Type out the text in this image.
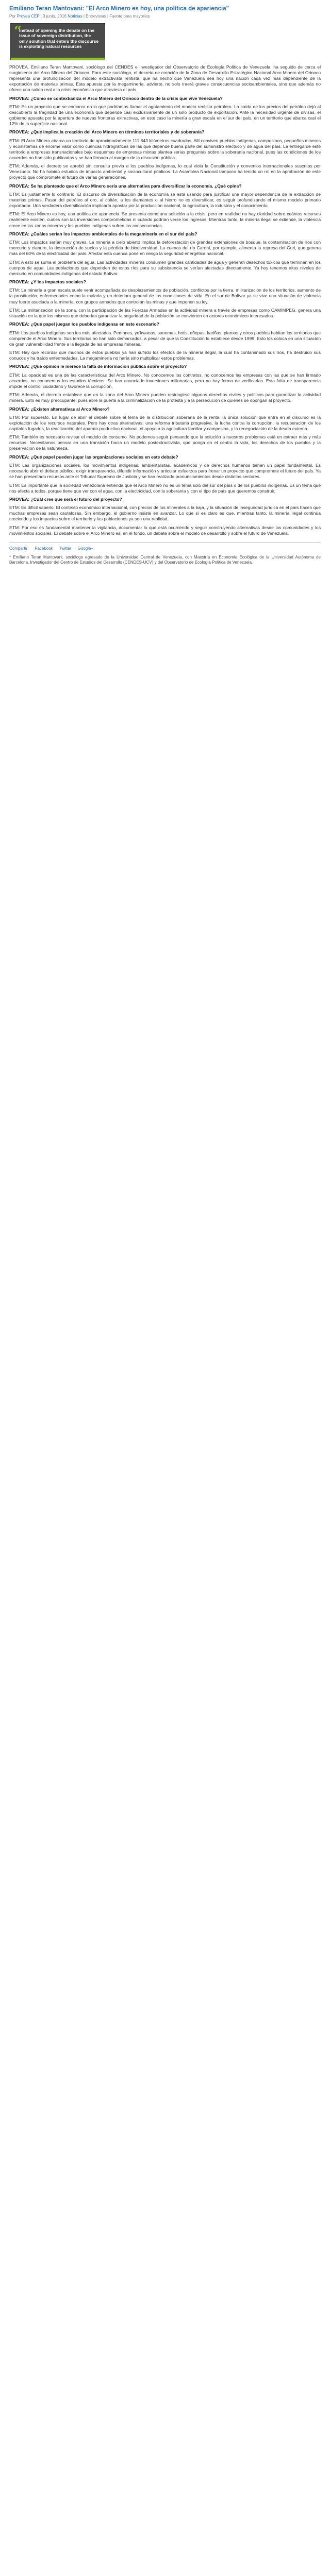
Emiliano Teran Mantovani: "El Arco Minero es hoy, una política de apariencia"
Por Provea CEP | 3 junio, 2016 Noticias | Entrevistas | Fuente para mayorías
“
Instead of opening the debate on the issue of sovereign distribution, the only solution that enters the discourse is exploiting natural resources

PROVEA. Emiliano Teran Mantovani, sociólogo del CENDES e investigador del Observatorio de Ecología Política de Venezuela, ha seguido de cerca el surgimiento del Arco Minero del Orinoco. Para este sociólogo, el decreto de creación de la Zona de Desarrollo Estratégico Nacional Arco Minero del Orinoco representa una profundización del modelo extractivista rentista, que ha hecho que Venezuela sea hoy una nación cada vez más dependiente de la exportación de materias primas. Esta apuesta por la megaminería, advierte, no solo traerá graves consecuencias socioambientales, sino que además no ofrece una salida real a la crisis económica que atraviesa el país.

PROVEA: ¿Cómo se contextualiza el Arco Minero del Orinoco dentro de la crisis que vive Venezuela?

ETM: Es un proyecto que se enmarca en lo que podríamos llamar el agotamiento del modelo rentista petrolero. La caída de los precios del petróleo dejó al descubierto la fragilidad de una economía que depende casi exclusivamente de un solo producto de exportación. Ante la necesidad urgente de divisas, el gobierno apuesta por la apertura de nuevas fronteras extractivas, en este caso la minería a gran escala en el sur del país, en un territorio que abarca casi el 12% de la superficie nacional.

PROVEA: ¿Qué implica la creación del Arco Minero en términos territoriales y de soberanía?

ETM: El Arco Minero abarca un territorio de aproximadamente 111.843 kilómetros cuadrados. Allí conviven pueblos indígenas, campesinos, pequeños mineros y ecosistemas de enorme valor como cuencas hidrográficas de las que depende buena parte del suministro eléctrico y de agua del país. La entrega de este territorio a empresas transnacionales bajo esquemas de empresas mixtas plantea serias preguntas sobre la soberanía nacional, pues las condiciones de los acuerdos no han sido publicadas y se han firmado al margen de la discusión pública.

ETM: Además, el decreto se aprobó sin consulta previa a los pueblos indígenas, lo cual viola la Constitución y convenios internacionales suscritos por Venezuela. No ha habido estudios de impacto ambiental y sociocultural públicos. La Asamblea Nacional tampoco ha tenido un rol en la aprobación de este proyecto que compromete el futuro de varias generaciones.

PROVEA: Se ha planteado que el Arco Minero sería una alternativa para diversificar la economía. ¿Qué opina?

ETM: Es justamente lo contrario. El discurso de diversificación de la economía se está usando para justificar una mayor dependencia de la extracción de materias primas. Pasar del petróleo al oro, al coltán, a los diamantes o al hierro no es diversificar, es seguir profundizando el mismo modelo primario exportador. Una verdadera diversificación implicaría apostar por la producción nacional, la agricultura, la industria y el conocimiento.

ETM: El Arco Minero es hoy, una política de apariencia. Se presenta como una solución a la crisis, pero en realidad no hay claridad sobre cuántos recursos realmente existen, cuáles son las inversiones comprometidas ni cuándo podrían verse los ingresos. Mientras tanto, la minería ilegal se extiende, la violencia crece en las zonas mineras y los pueblos indígenas sufren las consecuencias.

PROVEA: ¿Cuáles serían los impactos ambientales de la megaminería en el sur del país?

ETM: Los impactos serían muy graves. La minería a cielo abierto implica la deforestación de grandes extensiones de bosque, la contaminación de ríos con mercurio y cianuro, la destrucción de suelos y la pérdida de biodiversidad. La cuenca del río Caroní, por ejemplo, alimenta la represa del Guri, que genera más del 60% de la electricidad del país. Afectar esta cuenca pone en riesgo la seguridad energética nacional.

ETM: A esto se suma el problema del agua. Las actividades mineras consumen grandes cantidades de agua y generan desechos tóxicos que terminan en los cuerpos de agua. Las poblaciones que dependen de estos ríos para su subsistencia se verían afectadas directamente. Ya hoy tenemos altos niveles de mercurio en comunidades indígenas del estado Bolívar.

PROVEA: ¿Y los impactos sociales?

ETM: La minería a gran escala suele venir acompañada de desplazamientos de población, conflictos por la tierra, militarización de los territorios, aumento de la prostitución, enfermedades como la malaria y un deterioro general de las condiciones de vida. En el sur de Bolívar ya se vive una situación de violencia muy fuerte asociada a la minería, con grupos armados que controlan las minas y que imponen su ley.

ETM: La militarización de la zona, con la participación de las Fuerzas Armadas en la actividad minera a través de empresas como CAMIMPEG, genera una situación en la que los mismos que deberían garantizar la seguridad de la población se convierten en actores económicos interesados.

PROVEA: ¿Qué papel juegan los pueblos indígenas en este escenario?

ETM: Los pueblos indígenas son los más afectados. Pemones, ye'kwanas, sanemas, hotis, eñepas, kariñas, piaroas y otros pueblos habitan los territorios que comprende el Arco Minero. Sus territorios no han sido demarcados, a pesar de que la Constitución lo establece desde 1999. Esto los coloca en una situación de gran vulnerabilidad frente a la llegada de las empresas mineras.

ETM: Hay que recordar que muchos de estos pueblos ya han sufrido los efectos de la minería ilegal, la cual ha contaminado sus ríos, ha destruido sus conucos y ha traído enfermedades. La megaminería no haría sino multiplicar estos problemas.

PROVEA: ¿Qué opinión le merece la falta de información pública sobre el proyecto?

ETM: La opacidad es una de las características del Arco Minero. No conocemos los contratos, no conocemos las empresas con las que se han firmado acuerdos, no conocemos los estudios técnicos. Se han anunciado inversiones millonarias, pero no hay forma de verificarlas. Esta falta de transparencia impide el control ciudadano y favorece la corrupción.

ETM: Además, el decreto establece que en la zona del Arco Minero pueden restringirse algunos derechos civiles y políticos para garantizar la actividad minera. Esto es muy preocupante, pues abre la puerta a la criminalización de la protesta y a la persecución de quienes se opongan al proyecto.

PROVEA: ¿Existen alternativas al Arco Minero?

ETM: Por supuesto. En lugar de abrir el debate sobre el tema de la distribución soberana de la renta, la única solución que entra en el discurso es la explotación de los recursos naturales. Pero hay otras alternativas: una reforma tributaria progresiva, la lucha contra la corrupción, la recuperación de los capitales fugados, la reactivación del aparato productivo nacional, el apoyo a la agricultura familiar y campesina, y la renegociación de la deuda externa.

ETM: También es necesario revisar el modelo de consumo. No podemos seguir pensando que la solución a nuestros problemas está en extraer más y más recursos. Necesitamos pensar en una transición hacia un modelo postextractivista, que ponga en el centro la vida, los derechos de los pueblos y la preservación de la naturaleza.

PROVEA: ¿Qué papel pueden jugar las organizaciones sociales en este debate?

ETM: Las organizaciones sociales, los movimientos indígenas, ambientalistas, académicos y de derechos humanos tienen un papel fundamental. Es necesario abrir el debate público, exigir transparencia, difundir información y articular esfuerzos para frenar un proyecto que compromete el futuro del país. Ya se han presentado recursos ante el Tribunal Supremo de Justicia y se han realizado pronunciamientos desde distintos sectores.

ETM: Es importante que la sociedad venezolana entienda que el Arco Minero no es un tema solo del sur del país o de los pueblos indígenas. Es un tema que nos afecta a todos, porque tiene que ver con el agua, con la electricidad, con la soberanía y con el tipo de país que queremos construir.

PROVEA: ¿Cuál cree que será el futuro del proyecto?

ETM: Es difícil saberlo. El contexto económico internacional, con precios de los minerales a la baja, y la situación de inseguridad jurídica en el país hacen que muchas empresas sean cautelosas. Sin embargo, el gobierno insiste en avanzar. Lo que sí es claro es que, mientras tanto, la minería ilegal continúa creciendo y los impactos sobre el territorio y las poblaciones ya son una realidad.

ETM: Por eso es fundamental mantener la vigilancia, documentar lo que está ocurriendo y seguir construyendo alternativas desde las comunidades y los movimientos sociales. El debate sobre el Arco Minero es, en el fondo, un debate sobre el modelo de desarrollo y sobre el futuro de Venezuela.

Compartir: Facebook Twitter Google+
* Emiliano Teran Mantovani, sociólogo egresado de la Universidad Central de Venezuela, con Maestría en Economía Ecológica de la Universidad Autónoma de Barcelona. Investigador del Centro de Estudios del Desarrollo (CENDES-UCV) y del Observatorio de Ecología Política de Venezuela.
